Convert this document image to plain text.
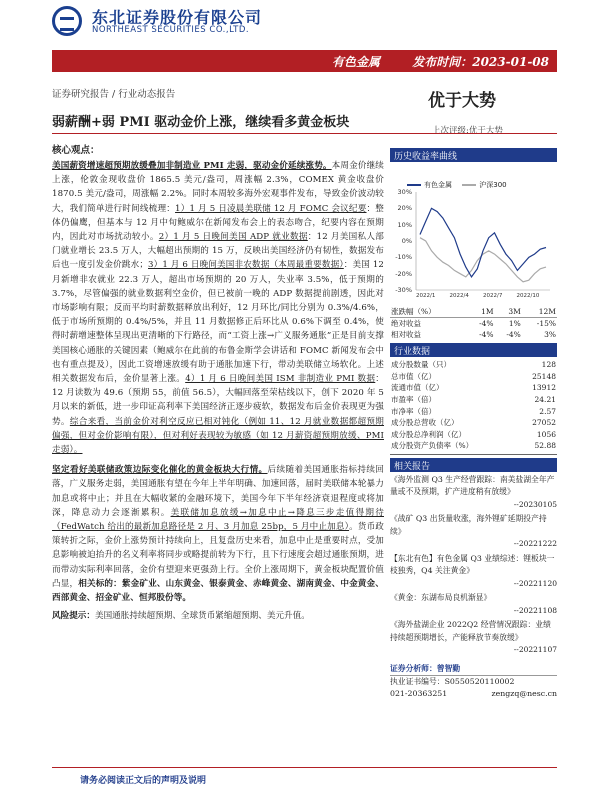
东北证券股份有限公司
NORTHEAST SECURITIES CO.,LTD.
有色金属	发布时间：2023-01-08
证券研究报告 / 行业动态报告
弱薪酬+弱 PMI 驱动金价上涨，继续看多黄金板块
优于大势
上次评级:优于大势
核心观点：
美国薪资增速超预期放缓叠加非制造业 PMI 走弱，驱动金价延续涨势。本周金价继续上涨，伦敦金现收盘价 1865.5 美元/盎司，周涨幅 2.3%，COMEX 黄金收盘价 1870.5 美元/盎司，周涨幅 2.2%。同时本周较多海外宏观事件发布，导致金价波动较大，我们简单进行时间线梳理：1）1 月 5 日凌晨美联储 12 月 FOMC 会议纪要：整体仍偏鹰，但基本与 12 月中旬鲍威尔在新闻发布会上的表态吻合，纪要内容在预期内，因此对市场扰动较小。2）1 月 5 日晚间美国 ADP 就业数据：12 月美国私人部门就业增长 23.5 万人，大幅超出预期的 15 万，反映出美国经济仍有韧性，数据发布后也一度引发金价跳水；3）1 月 6 日晚间美国非农数据（本周最重要数据）：美国 12 月新增非农就业 22.3 万人，超出市场预期的 20 万人，失业率 3.5%，低于预期的 3.7%，尽管偏强的就业数据利空金价，但已被前一晚的 ADP 数据提前剧透，因此对市场影响有限；反而平均时薪数据释放出利好，12 月环比/同比分别为 0.3%/4.6%，低于市场所预期的 0.4%/5%，并且 11 月数据修正后环比从 0.6%下调至 0.4%，使得时薪增速整体呈现出更清晰的下行路径，而“工资上涨→广义服务通胀”正是目前支撑美国核心通胀的关键因素（鲍威尔在此前的布鲁金斯学会讲话和 FOMC 新闻发布会中也有重点提及），因此工资增速放缓有助于通胀加速下行，带动美联储立场软化。上述相关数据发布后，金价显著上涨。4）1 月 6 日晚间美国 ISM 非制造业 PMI 数据：12 月读数为 49.6（预期 55，前值 56.5），大幅回落至荣枯线以下，创下 2020 年 5 月以来的新低，进一步印证高利率下美国经济正逐步疲软，数据发布后金价表现更为强势。综合来看，当前金价对利空反应已相对钝化（例如 11、12 月就业数据都超预期偏强，但对金价影响有限），但对利好表现较为敏感（如 12 月薪资超预期放缓、PMI 走弱）。
坚定看好美联储政策边际变化催化的黄金板块大行情。后续随着美国通胀指标持续回落，广义服务走弱，美国通胀有望在今年上半年明确、加速回落，届时美联储本轮暴力加息或将中止；并且在大幅收紧的金融环境下，美国今年下半年经济衰退程度或将加深，降息动力会逐渐累积。美联储加息放缓→加息中止→降息三步走值得期待（FedWatch 给出的最新加息路径是 2 月、3 月加息 25bp，5 月中止加息）。货币政策转折之际，金价上涨势预计持续向上，且复盘历史来看，加息中止是重要时点，受加息影响被迫抬升的名义利率将同步或略提前转为下行，且下行速度会超过通胀预期，进而带动实际利率回落，金价有望迎来更强劲上行。全价上涨周期下，黄金板块配置价值凸显，相关标的：紫金矿业、山东黄金、银泰黄金、赤峰黄金、湖南黄金、中金黄金、西部黄金、招金矿业、恒邦股份等。
风险提示：美国通胀持续超预期、全球货币紧缩超预期、美元升值。
历史收益率曲线
有色金属	沪深300
30%
20%
10%
0%
-10%
-20%
-30%
2022/1	2022/4	2022/7	2022/10
涨跌幅（%）	1M	3M	12M
绝对收益	-4%	1%	-15%
相对收益	-4%	-4%	3%
行业数据
成分股数量（只）	128
总市值（亿）	25148
流通市值（亿）	13912
市盈率（倍）	24.21
市净率（倍）	2.57
成分股总营收（亿）	27052
成分股总净利润（亿）	1056
成分股资产负债率（%）	52.88
相关报告
《海外监测 Q3 生产经营跟踪：南美盐湖全年产量或不及预期，扩产进度稍有放缓》
--20230105
《战矿 Q3 出货量收涨，海外锂矿延期投产持续》
--20221222
【东北有色】有色金属 Q3 业绩综述：锂板块一枝独秀，Q4 关注黄金》
--20221120
《黄金：东湖布局良机渐显》
--20221108
《海外盐湖企业 2022Q2 经营情况跟踪：业绩持续超预期增长，产能释放节奏放缓》
--20221107
证券分析师：曾智勤
执业证书编号：S0550520110002
021-20363251	zengzq@nesc.cn
请务必阅读正文后的声明及说明
